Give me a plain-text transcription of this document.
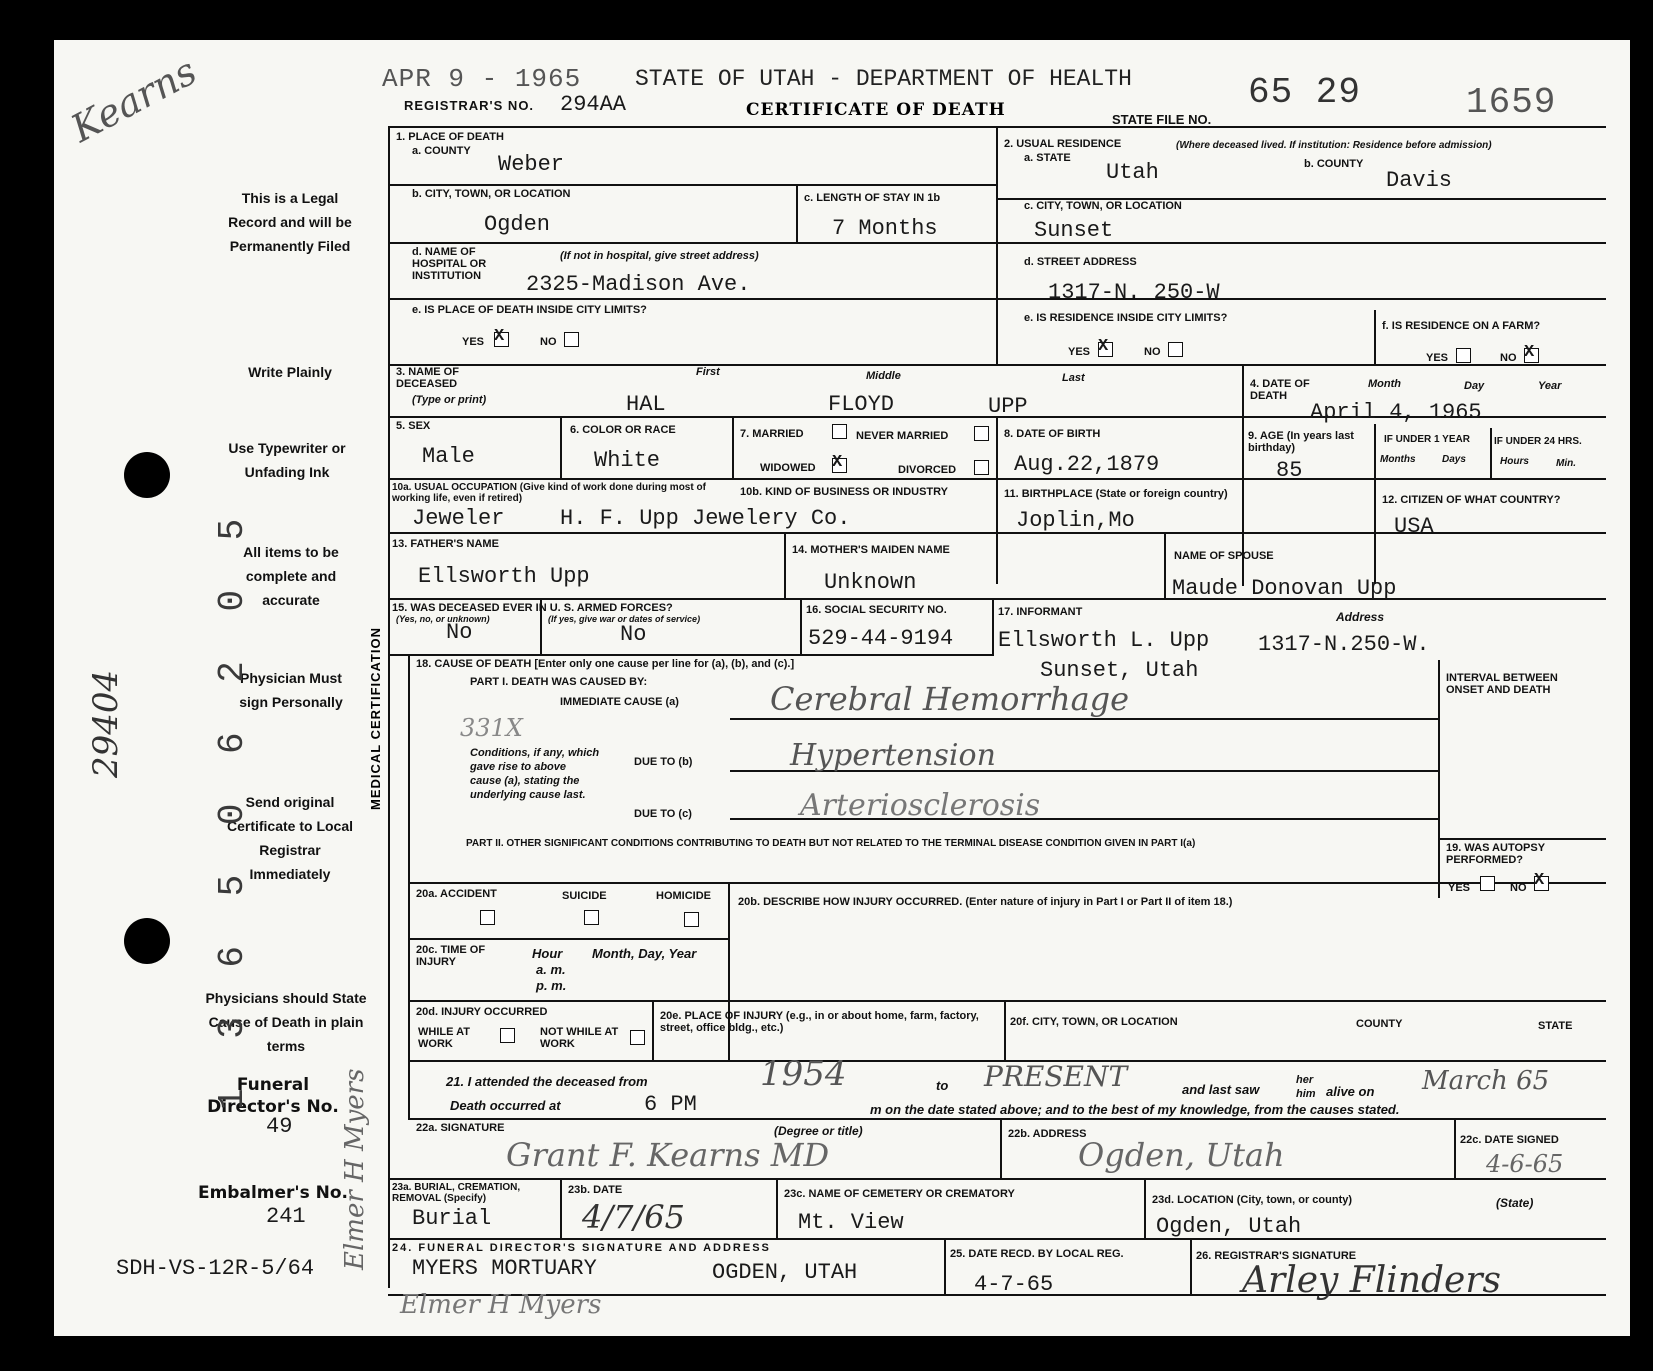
APR 9 - 1965
REGISTRAR'S NO. 294AA
STATE OF UTAH - DEPARTMENT OF HEALTH
CERTIFICATE OF DEATH	STATE FILE NO.
65 29	1659
Kearns
This is a Legal Record and will be Permanently Filed
Write Plainly
Use Typewriter or Unfading Ink
All items to be complete and accurate
Physician Must sign Personally
Send original Certificate to Local Registrar Immediately
Physicians should State Cause of Death in plain terms
Funeral Director's No.
49
Embalmer's No.
241
SDH-VS-12R-5/64
1 3 6 5 0 6 2 0 5
29404
Elmer H Myers
1. PLACE OF DEATH
a. COUNTY
Weber
b. CITY, TOWN, OR LOCATION
Ogden
c. LENGTH OF STAY IN 1b
7 Months
d. NAME OF HOSPITAL OR INSTITUTION
(If not in hospital, give street address)
2325-Madison Ave.
e. IS PLACE OF DEATH INSIDE CITY LIMITS?
YES X	NO
2. USUAL RESIDENCE	(Where deceased lived. If institution: Residence before admission)
a. STATE
Utah	b. COUNTY
Davis
c. CITY, TOWN, OR LOCATION
Sunset
d. STREET ADDRESS
1317-N. 250-W
e. IS RESIDENCE INSIDE CITY LIMITS?
YES X	NO
f. IS RESIDENCE ON A FARM?
YES	NO X
3. NAME OF DECEASED
(Type or print)
First	Middle	Last
HAL	FLOYD	UPP
4. DATE OF DEATH
Month	Day	Year
April 4, 1965
5. SEX
Male
6. COLOR OR RACE
White
7. MARRIED	NEVER MARRIED
WIDOWED X	DIVORCED
8. DATE OF BIRTH
Aug.22,1879
9. AGE (In years last birthday)
85
IF UNDER 1 YEAR IF UNDER 24 HRS.
Months	Days	Hours	Min.
10a. USUAL OCCUPATION (Give kind of work done during most of working life, even if retired)
Jeweler
10b. KIND OF BUSINESS OR INDUSTRY
H. F. Upp Jewelery Co.
11. BIRTHPLACE (State or foreign country)
Joplin,Mo
12. CITIZEN OF WHAT COUNTRY?
USA
13. FATHER'S NAME
Ellsworth Upp
14. MOTHER'S MAIDEN NAME
Unknown
NAME OF SPOUSE
Maude Donovan Upp
15. WAS DECEASED EVER IN U. S. ARMED FORCES?
(Yes, no, or unknown)	(If yes, give war or dates of service)
No	No
16. SOCIAL SECURITY NO.
529-44-9194
17. INFORMANT	Address
Ellsworth L. Upp 1317-N.250-W.
Sunset, Utah
MEDICAL CERTIFICATION	18. CAUSE OF DEATH [Enter only one cause per line for (a), (b), and (c).]
PART I. DEATH WAS CAUSED BY:
IMMEDIATE CAUSE (a)	Cerebral Hemorrhage
331X
Conditions, if any, which gave rise to above cause (a), stating the underlying cause last.
DUE TO (b)	Hypertension
DUE TO (c)	Arteriosclerosis
INTERVAL BETWEEN ONSET AND DEATH
PART II. OTHER SIGNIFICANT CONDITIONS CONTRIBUTING TO DEATH BUT NOT RELATED TO THE TERMINAL DISEASE CONDITION GIVEN IN PART I(a)	19. WAS AUTOPSY PERFORMED?
YES	NO X
20a. ACCIDENT	SUICIDE	HOMICIDE 20b. DESCRIBE HOW INJURY OCCURRED. (Enter nature of injury in Part I or Part II of item 18.)
20c. TIME OF INJURY
Hour
a. m.
p. m.
Month, Day, Year
20d. INJURY OCCURRED
WHILE AT WORK
NOT WHILE AT WORK
20e. PLACE OF INJURY (e.g., in or about home, farm, factory, street, office bldg., etc.)	20f. CITY, TOWN, OR LOCATION	COUNTY	STATE
21. I attended the deceased from	1954	to PRESENT	and last saw
her
him alive on March 65
Death occurred at	6 PM	m on the date stated above; and to the best of my knowledge, from the causes stated.
22a. SIGNATURE	(Degree or title)
Grant F. Kearns MD
22b. ADDRESS
Ogden, Utah	22c. DATE SIGNED
4-6-65
23a. BURIAL, CREMATION, REMOVAL (Specify)
Burial
23b. DATE
4/7/65
23c. NAME OF CEMETERY OR CREMATORY
Mt. View
23d. LOCATION (City, town, or county)	(State)
Ogden, Utah
24. FUNERAL DIRECTOR'S SIGNATURE AND ADDRESS
MYERS MORTUARY	OGDEN, UTAH
Elmer H Myers
25. DATE RECD. BY LOCAL REG.
4-7-65
26. REGISTRAR'S SIGNATURE
Arley Flinders
